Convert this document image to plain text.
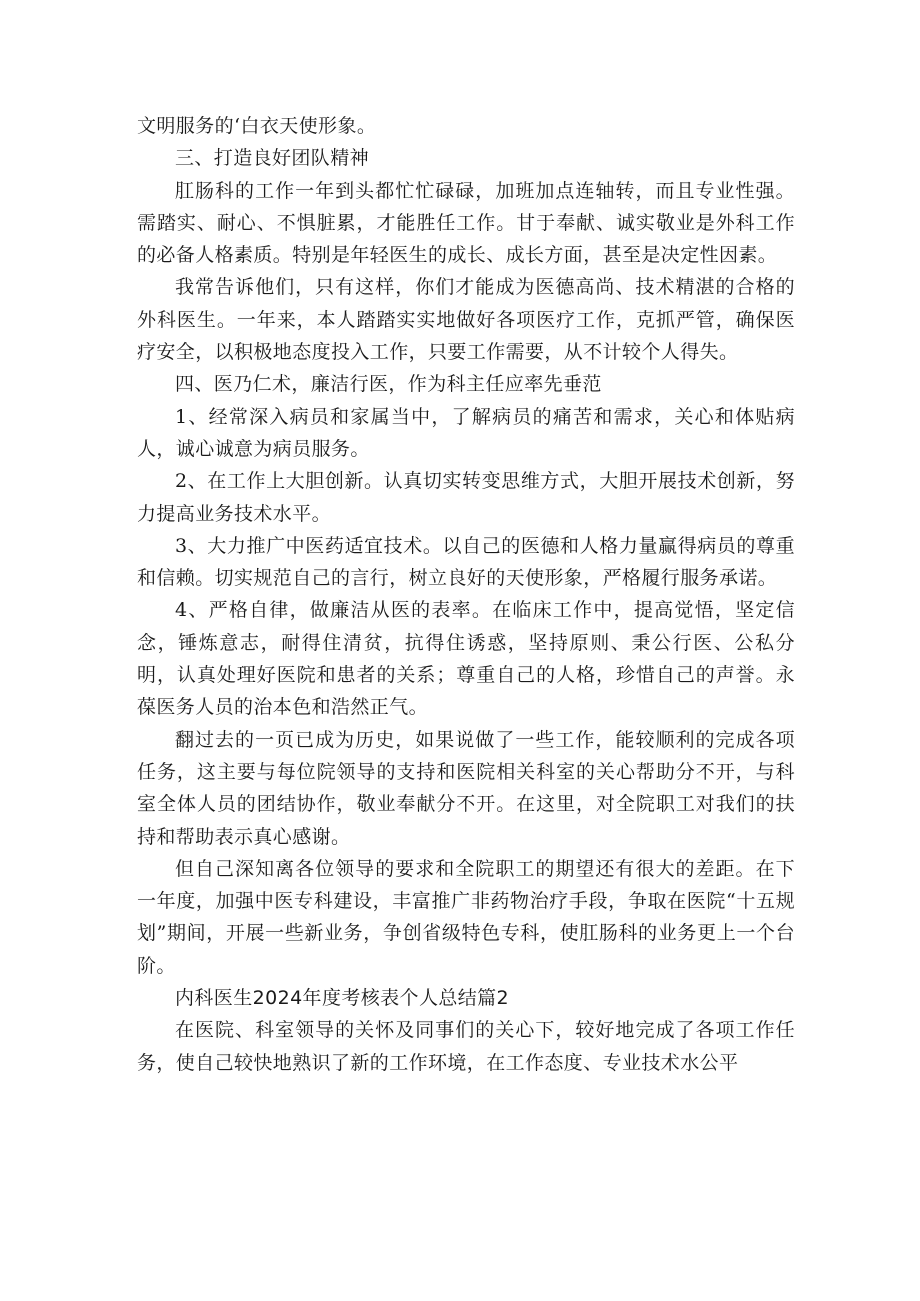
文明服务的‘白衣天使形象。

三、打造良好团队精神

肛肠科的工作一年到头都忙忙碌碌，加班加点连轴转，而且专业性强。需踏实、耐心、不惧脏累，才能胜任工作。甘于奉献、诚实敬业是外科工作的必备人格素质。特别是年轻医生的成长、成长方面，甚至是决定性因素。

我常告诉他们，只有这样，你们才能成为医德高尚、技术精湛的合格的外科医生。一年来，本人踏踏实实地做好各项医疗工作，克抓严管，确保医疗安全，以积极地态度投入工作，只要工作需要，从不计较个人得失。

四、医乃仁术，廉洁行医，作为科主任应率先垂范

1、经常深入病员和家属当中，了解病员的痛苦和需求，关心和体贴病人，诚心诚意为病员服务。

2、在工作上大胆创新。认真切实转变思维方式，大胆开展技术创新，努力提高业务技术水平。

3、大力推广中医药适宜技术。以自己的医德和人格力量赢得病员的尊重和信赖。切实规范自己的言行，树立良好的天使形象，严格履行服务承诺。

4、严格自律，做廉洁从医的表率。在临床工作中，提高觉悟，坚定信念，锤炼意志，耐得住清贫，抗得住诱惑，坚持原则、秉公行医、公私分明，认真处理好医院和患者的关系；尊重自己的人格，珍惜自己的声誉。永葆医务人员的治本色和浩然正气。

翻过去的一页已成为历史，如果说做了一些工作，能较顺利的完成各项任务，这主要与每位院领导的支持和医院相关科室的关心帮助分不开，与科室全体人员的团结协作，敬业奉献分不开。在这里，对全院职工对我们的扶持和帮助表示真心感谢。

但自己深知离各位领导的要求和全院职工的期望还有很大的差距。在下一年度，加强中医专科建设，丰富推广非药物治疗手段，争取在医院“十五规划”期间，开展一些新业务，争创省级特色专科，使肛肠科的业务更上一个台阶。

内科医生2024年度考核表个人总结篇2

在医院、科室领导的关怀及同事们的关心下，较好地完成了各项工作任务，使自己较快地熟识了新的工作环境，在工作态度、专业技术水公平
